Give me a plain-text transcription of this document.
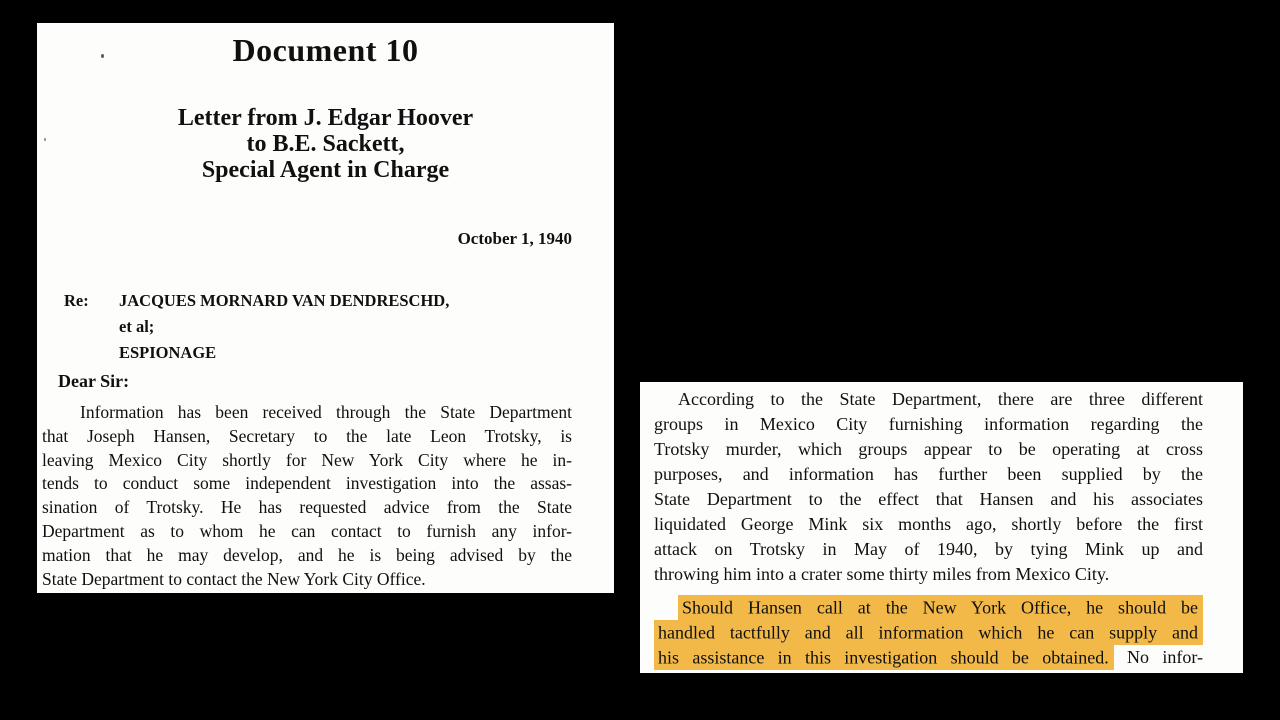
Document 10
Letter from J. Edgar Hoover
to B.E. Sackett,
Special Agent in Charge
October 1, 1940
Re:	JACQUES MORNARD VAN DENDRESCHD,
et al;
ESPIONAGE
Dear Sir:
Information has been received through the State Department
that Joseph Hansen, Secretary to the late Leon Trotsky, is
leaving Mexico City shortly for New York City where he in-
tends to conduct some independent investigation into the assas-
sination of Trotsky. He has requested advice from the State
Department as to whom he can contact to furnish any infor-
mation that he may develop, and he is being advised by the
State Department to contact the New York City Office.
According to the State Department, there are three different
groups in Mexico City furnishing information regarding the
Trotsky murder, which groups appear to be operating at cross
purposes, and information has further been supplied by the
State Department to the effect that Hansen and his associates
liquidated George Mink six months ago, shortly before the first
attack on Trotsky in May of 1940, by tying Mink up and
throwing him into a crater some thirty miles from Mexico City.
Should Hansen call at the New York Office, he should be
handled tactfully and all information which he can supply and
his assistance in this investigation should be obtained. No infor-
